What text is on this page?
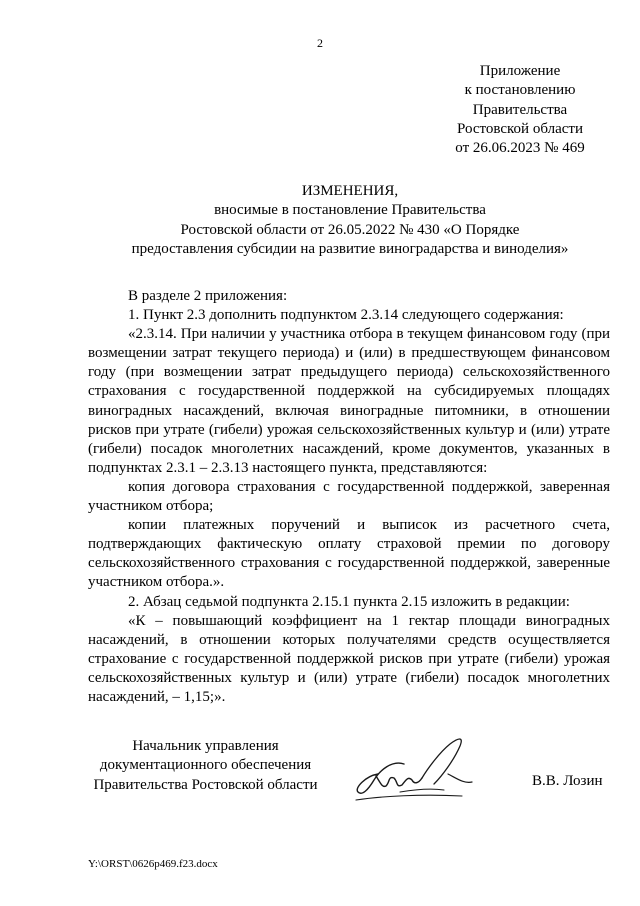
2
Приложение
к постановлению
Правительства
Ростовской области
от 26.06.2023 № 469
ИЗМЕНЕНИЯ,
вносимые в постановление Правительства
Ростовской области от 26.05.2022 № 430 «О Порядке
предоставления субсидии на развитие виноградарства и виноделия»

В разделе 2 приложения:

1. Пункт 2.3 дополнить подпунктом 2.3.14 следующего содержания:

«2.3.14. При наличии у участника отбора в текущем финансовом году (при возмещении затрат текущего периода) и (или) в предшествующем финансовом году (при возмещении затрат предыдущего периода) сельскохозяйственного страхования с государственной поддержкой на субсидируемых площадях виноградных насаждений, включая виноградные питомники, в отношении рисков при утрате (гибели) урожая сельскохозяйственных культур и (или) утрате (гибели) посадок многолетних насаждений, кроме документов, указанных в подпунктах 2.3.1 – 2.3.13 настоящего пункта, представляются:

копия договора страхования с государственной поддержкой, заверенная участником отбора;

копии платежных поручений и выписок из расчетного счета, подтверждающих фактическую оплату страховой премии по договору сельскохозяйственного страхования с государственной поддержкой, заверенные участником отбора.».

2. Абзац седьмой подпункта 2.15.1 пункта 2.15 изложить в редакции:

«К – повышающий коэффициент на 1 гектар площади виноградных насаждений, в отношении которых получателями средств осуществляется страхование с государственной поддержкой рисков при утрате (гибели) урожая сельскохозяйственных культур и (или) утрате (гибели) посадок многолетних насаждений, – 1,15;».

Начальник управления
документационного обеспечения
Правительства Ростовской области	В.В. Лозин
Y:\ORST\0626p469.f23.docx
